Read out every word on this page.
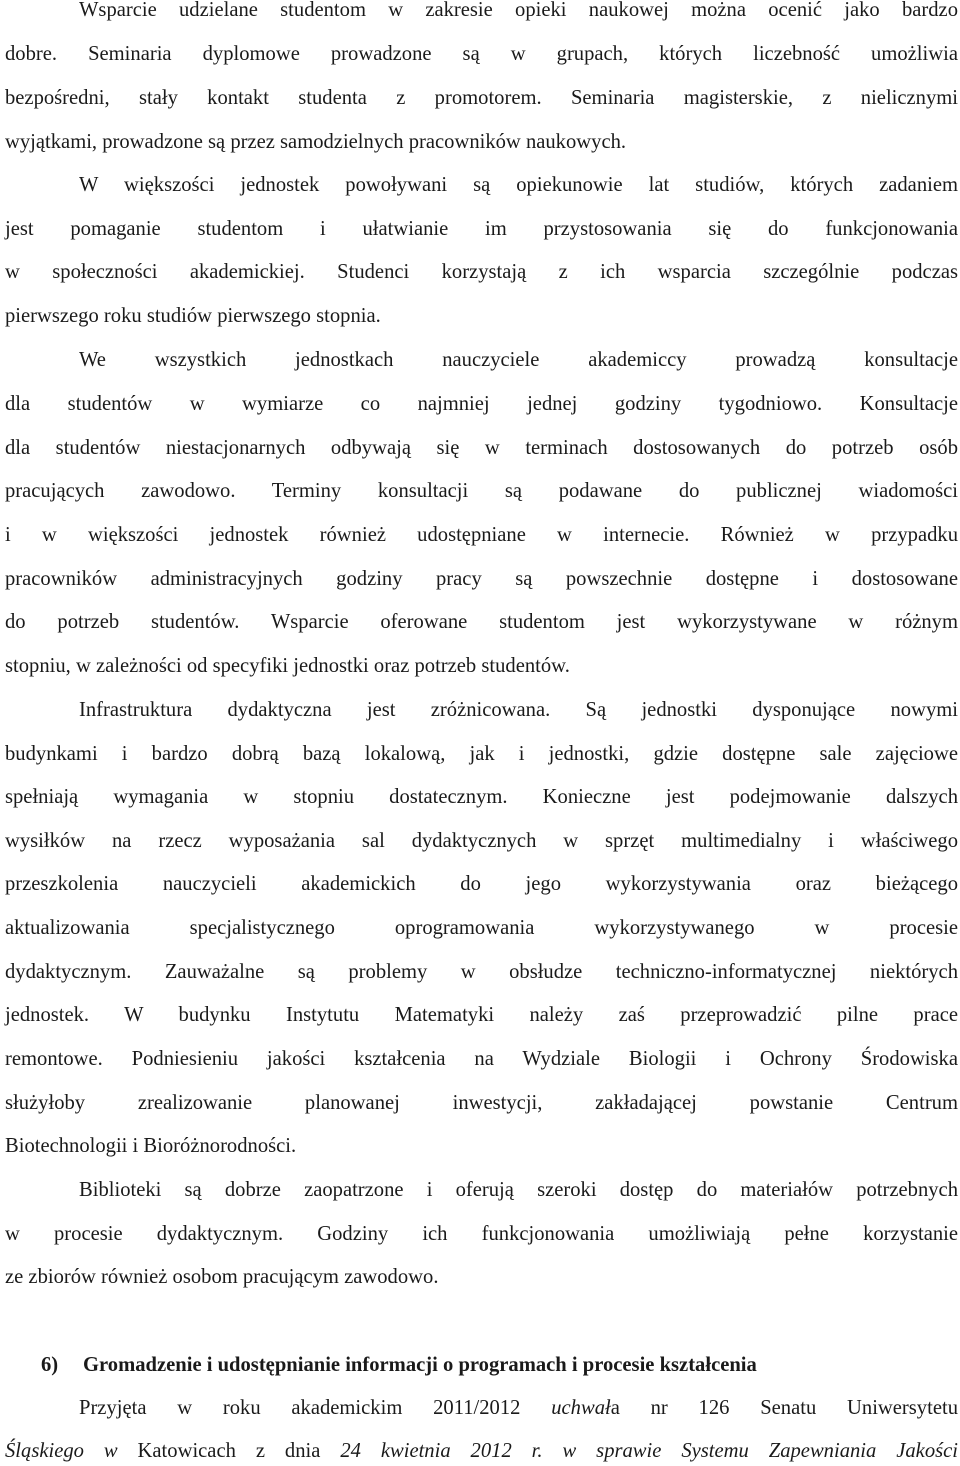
Wsparcie udzielane studentom w zakresie opieki naukowej można ocenić jako bardzo
dobre. Seminaria dyplomowe prowadzone są w grupach, których liczebność umożliwia
bezpośredni, stały kontakt studenta z promotorem. Seminaria magisterskie, z nielicznymi
wyjątkami, prowadzone są przez samodzielnych pracowników naukowych.
W większości jednostek powoływani są opiekunowie lat studiów, których zadaniem
jest pomaganie studentom i ułatwianie im przystosowania się do funkcjonowania
w społeczności akademickiej. Studenci korzystają z ich wsparcia szczególnie podczas
pierwszego roku studiów pierwszego stopnia.
We wszystkich jednostkach nauczyciele akademiccy prowadzą konsultacje
dla studentów w wymiarze co najmniej jednej godziny tygodniowo. Konsultacje
dla studentów niestacjonarnych odbywają się w terminach dostosowanych do potrzeb osób
pracujących zawodowo. Terminy konsultacji są podawane do publicznej wiadomości
i w większości jednostek również udostępniane w internecie. Również w przypadku
pracowników administracyjnych godziny pracy są powszechnie dostępne i dostosowane
do potrzeb studentów. Wsparcie oferowane studentom jest wykorzystywane w różnym
stopniu, w zależności od specyfiki jednostki oraz potrzeb studentów.
Infrastruktura dydaktyczna jest zróżnicowana. Są jednostki dysponujące nowymi
budynkami i bardzo dobrą bazą lokalową, jak i jednostki, gdzie dostępne sale zajęciowe
spełniają wymagania w stopniu dostatecznym. Konieczne jest podejmowanie dalszych
wysiłków na rzecz wyposażania sal dydaktycznych w sprzęt multimedialny i właściwego
przeszkolenia nauczycieli akademickich do jego wykorzystywania oraz bieżącego
aktualizowania specjalistycznego oprogramowania wykorzystywanego w procesie
dydaktycznym. Zauważalne są problemy w obsłudze techniczno-informatycznej niektórych
jednostek. W budynku Instytutu Matematyki należy zaś przeprowadzić pilne prace
remontowe. Podniesieniu jakości kształcenia na Wydziale Biologii i Ochrony Środowiska
służyłoby zrealizowanie planowanej inwestycji, zakładającej powstanie Centrum
Biotechnologii i Bioróżnorodności.
Biblioteki są dobrze zaopatrzone i oferują szeroki dostęp do materiałów potrzebnych
w procesie dydaktycznym. Godziny ich funkcjonowania umożliwiają pełne korzystanie
ze zbiorów również osobom pracującym zawodowo.
6) Gromadzenie i udostępnianie informacji o programach i procesie kształcenia
Przyjęta w roku akademickim 2011/2012 uchwała nr 126 Senatu Uniwersytetu
Śląskiego w Katowicach z dnia 24 kwietnia 2012 r. w sprawie Systemu Zapewniania Jakości
